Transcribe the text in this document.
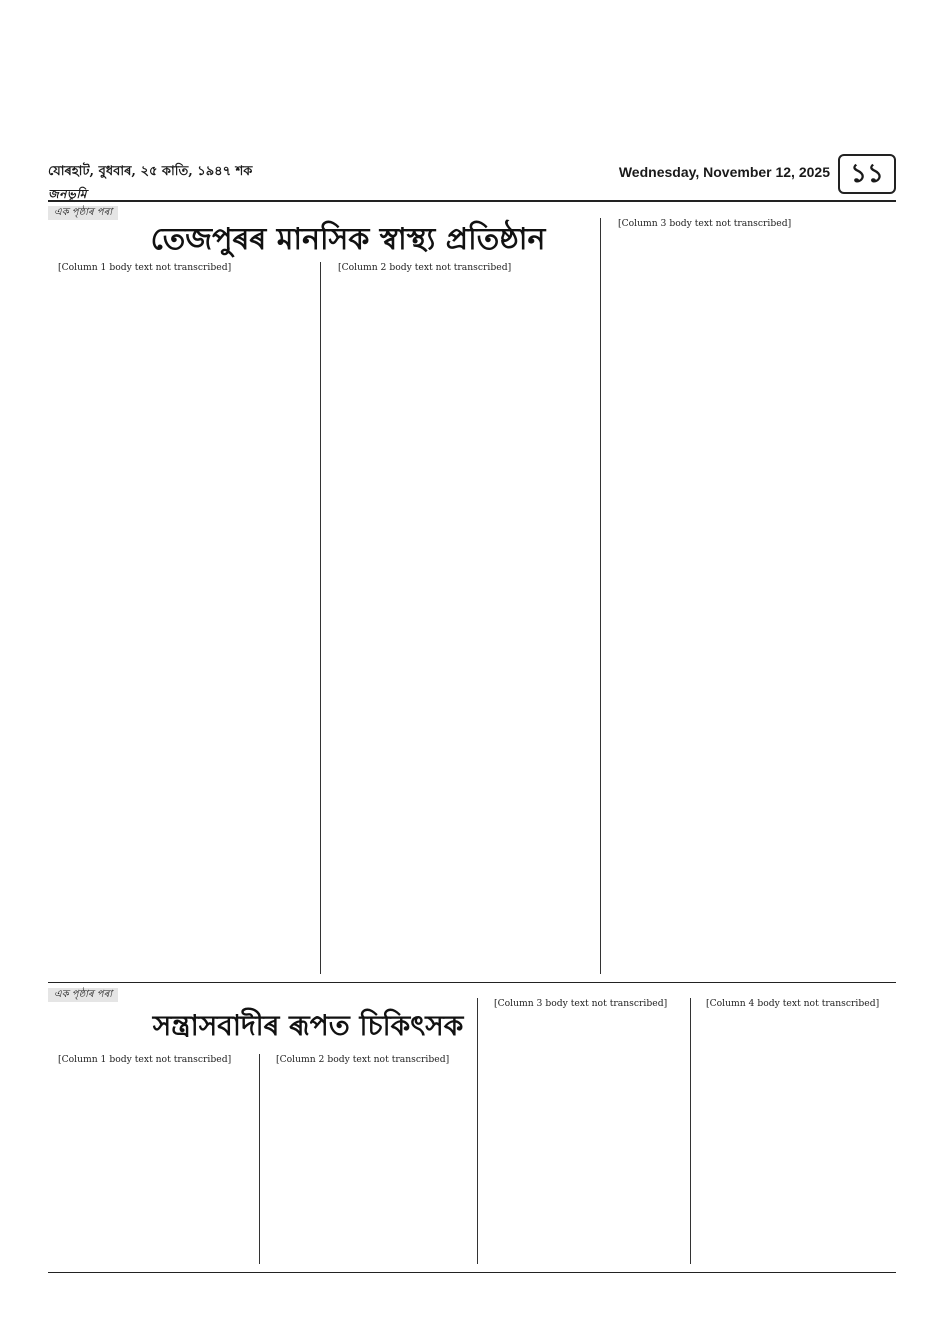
যোৰহাট, বুধবাৰ, ২৫ কাতি, ১৯৪৭ শক
জনভূমি
Wednesday, November 12, 2025 ১১
এক পৃষ্ঠাৰ পৰা
তেজপুৰৰ মানসিক স্বাস্থ্য প্ৰতিষ্ঠান

[Column 1 body text not transcribed]	[Column 2 body text not transcribed]

[Column 3 body text not transcribed]

এক পৃষ্ঠাৰ পৰা
সন্ত্ৰাসবাদীৰ ৰূপত চিকিৎসক

[Column 1 body text not transcribed]	[Column 2 body text not transcribed]

[Column 3 body text not transcribed]	[Column 4 body text not transcribed]
